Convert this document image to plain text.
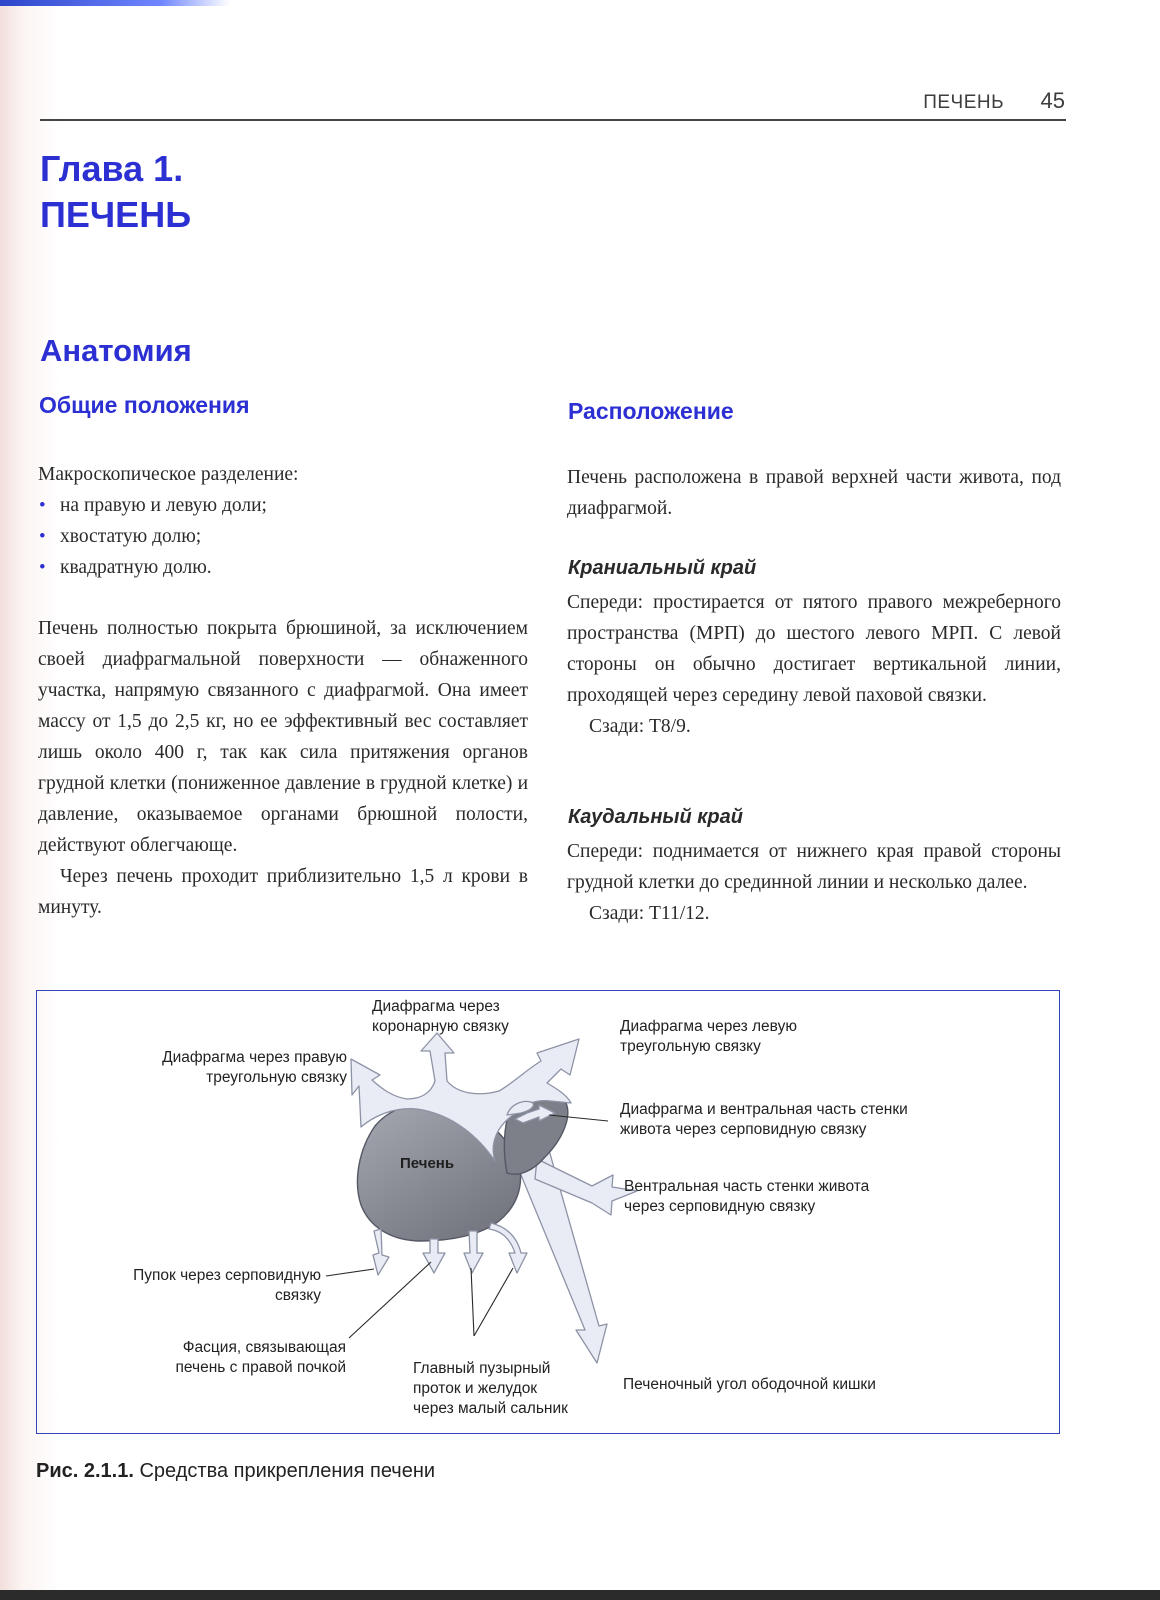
ПЕЧЕНЬ 45
Глава 1.
ПЕЧЕНЬ
Анатомия
Общие положения

Макроскопическое разделение:

• на правую и левую доли;
• хвостатую долю;
• квадратную долю.

Печень полностью покрыта брюшиной, за исключением своей диафрагмальной поверхности — обнаженного участка, напрямую связанного с диафрагмой. Она имеет массу от 1,5 до 2,5 кг, но ее эффективный вес составляет лишь около 400 г, так как сила притяжения органов грудной клетки (пониженное давление в грудной клетке) и давление, оказываемое органами брюшной полости, действуют облегчающе.

Через печень проходит приблизительно 1,5 л крови в минуту.

Расположение

Печень расположена в правой верхней части живота, под диафрагмой.

Краниальный край

Спереди: простирается от пятого правого межреберного пространства (МРП) до шестого левого МРП. С левой стороны он обычно достигает вертикальной линии, проходящей через середину левой паховой связки.

Сзади: T8/9.

Каудальный край

Спереди: поднимается от нижнего края правой стороны грудной клетки до срединной линии и несколько далее.

Сзади: T11/12.

Печень
Диафрагма через
коронарную связку	Диафрагма через левую
треугольную связку
Диафрагма через правую
треугольную связку
Диафрагма и вентральная часть стенки
живота через серповидную связку
Вентральная часть стенки живота
через серповидную связку
Пупок через серповидную
связку
Фасция, связывающая
печень с правой почкой	Главный пузырный
проток и желудок
через малый сальник
Печеночный угол ободочной кишки
Рис. 2.1.1. Средства прикрепления печени
